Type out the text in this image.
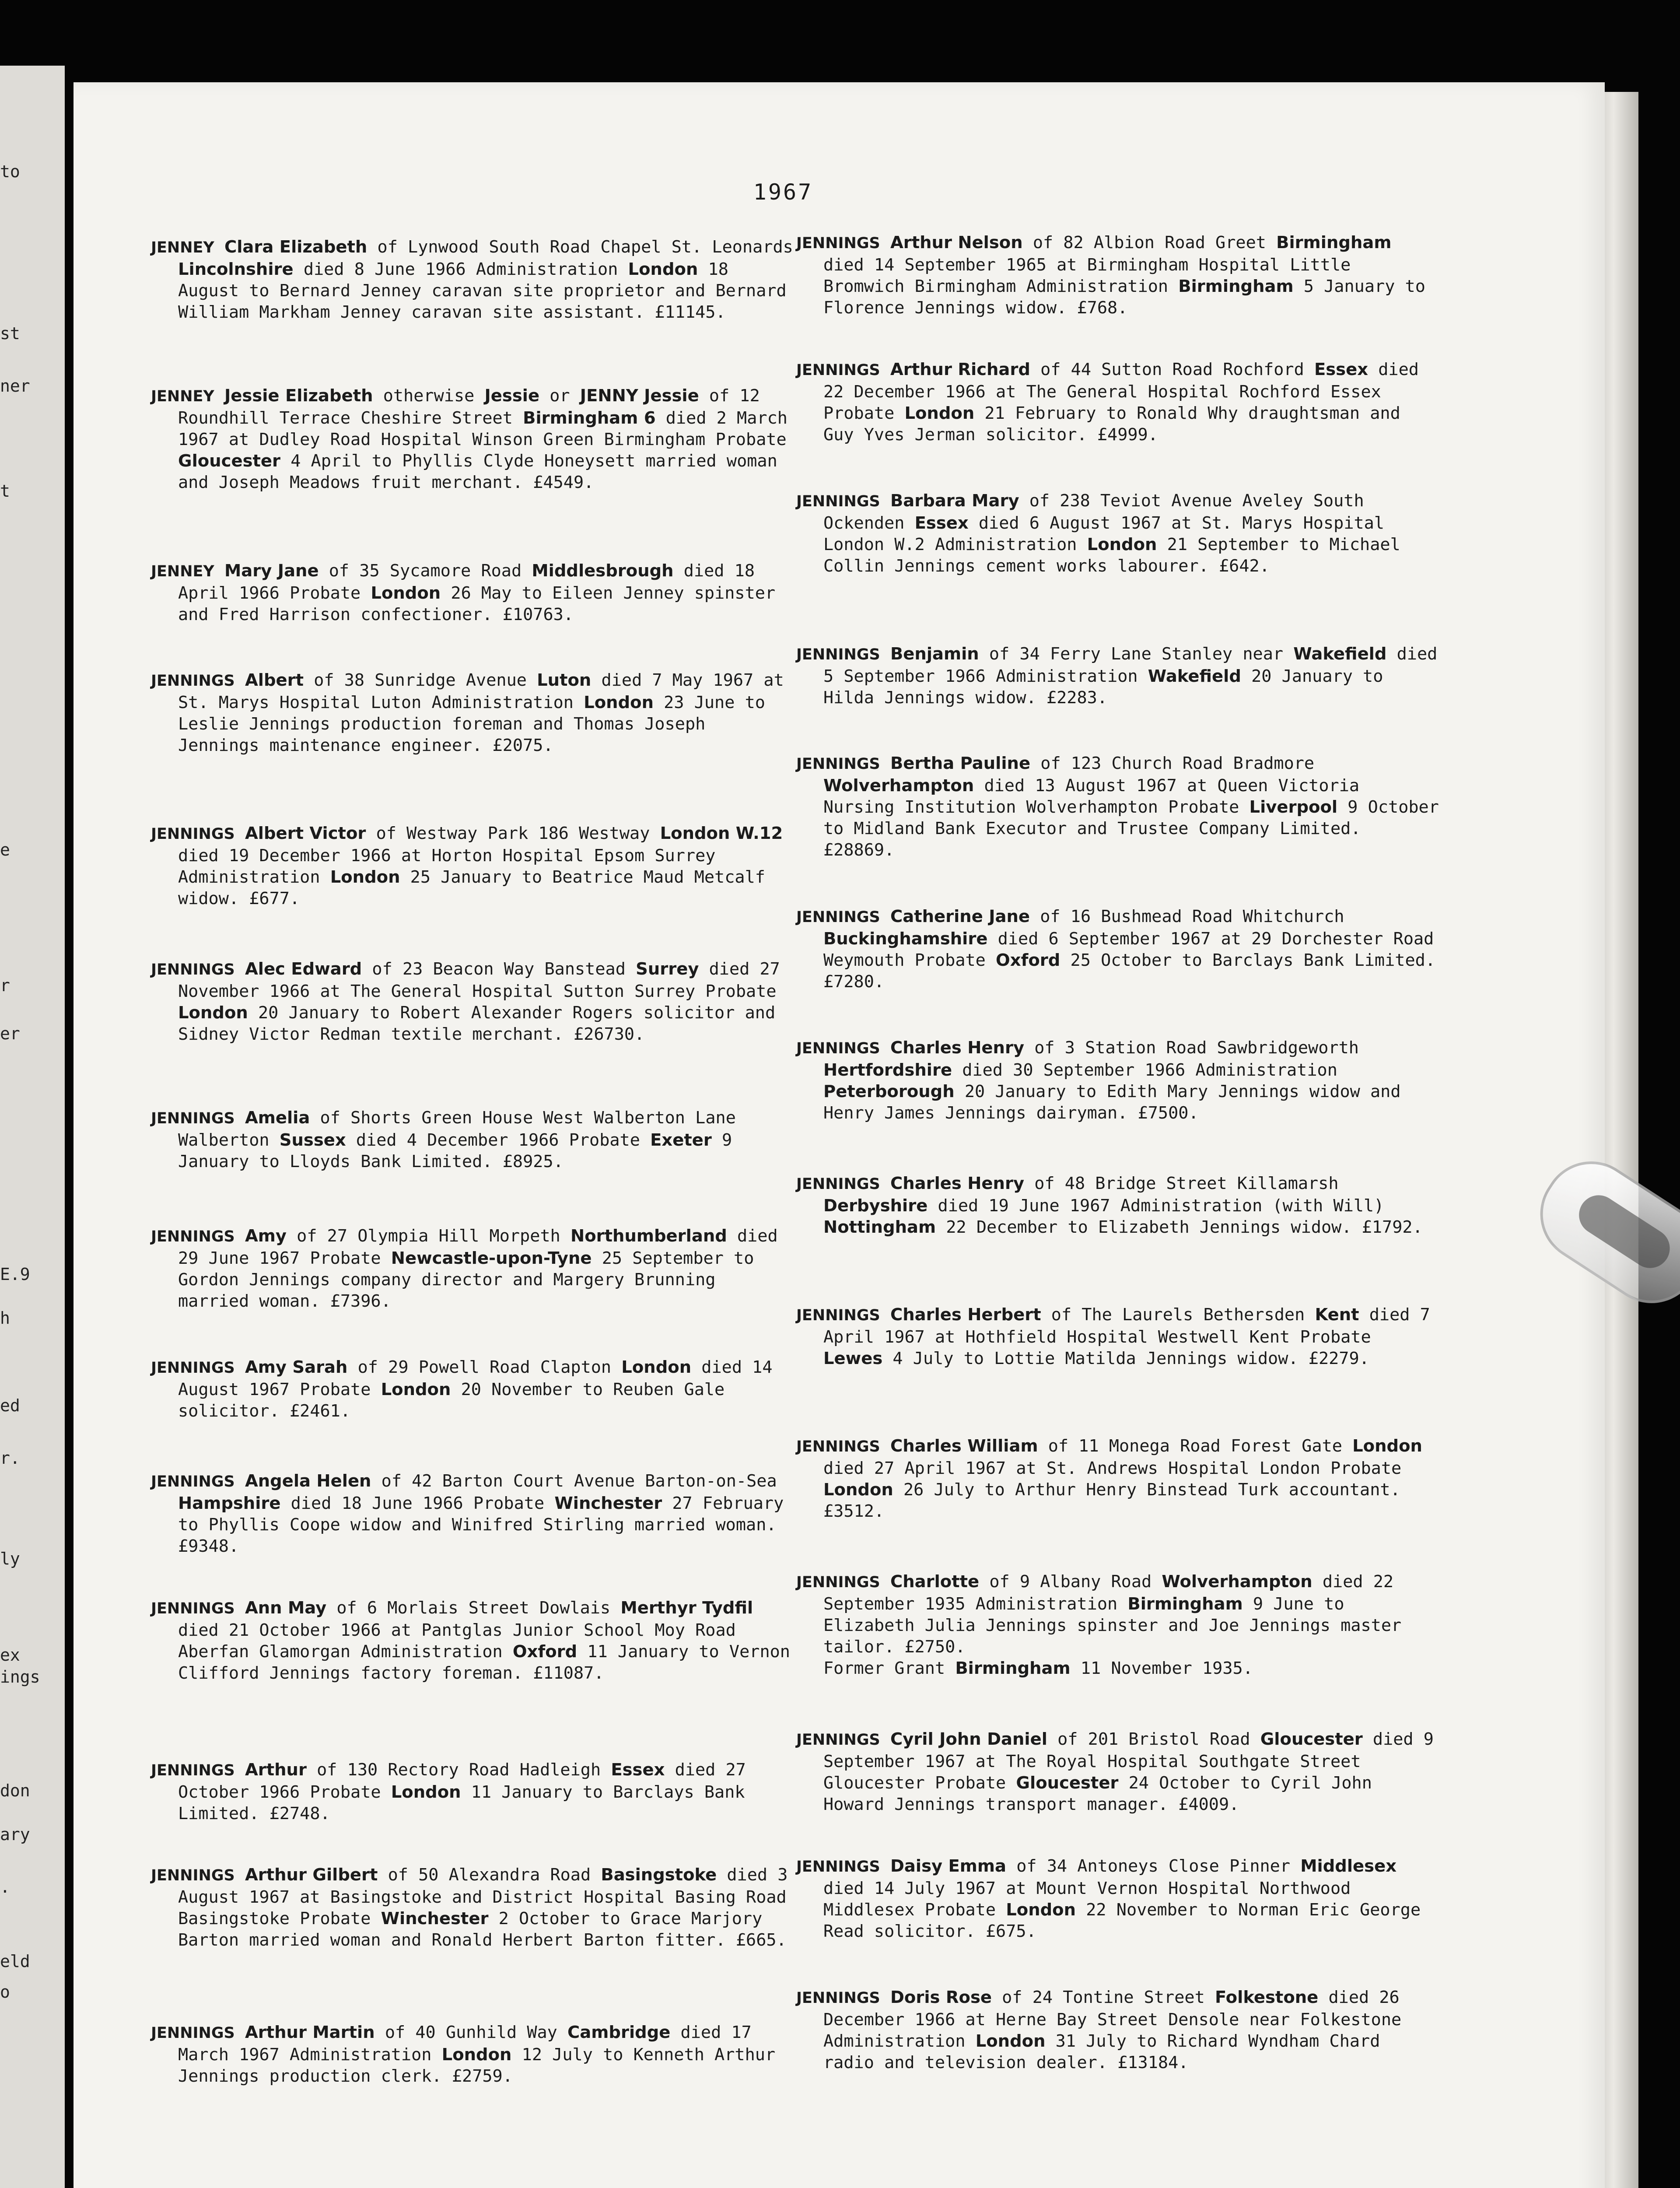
to
st
ner
t
e
r
er
E.9
h
ed
r.
ly
ex
ings
don
ary
.
eld
o
1967
JENNEY Clara Elizabeth of Lynwood South Road Chapel St. Leonards Lincolnshire died 8 June 1966 Administration London 18 August to Bernard Jenney caravan site proprietor and Bernard William Markham Jenney caravan site assistant. £11145.
JENNEY Jessie Elizabeth otherwise Jessie or JENNY Jessie of 12 Roundhill Terrace Cheshire Street Birmingham 6 died 2 March 1967 at Dudley Road Hospital Winson Green Birmingham Probate Gloucester 4 April to Phyllis Clyde Honeysett married woman and Joseph Meadows fruit merchant. £4549.
JENNEY Mary Jane of 35 Sycamore Road Middlesbrough died 18 April 1966 Probate London 26 May to Eileen Jenney spinster and Fred Harrison confectioner. £10763.
JENNINGS Albert of 38 Sunridge Avenue Luton died 7 May 1967 at St. Marys Hospital Luton Administration London 23 June to Leslie Jennings production foreman and Thomas Joseph Jennings maintenance engineer. £2075.
JENNINGS Albert Victor of Westway Park 186 Westway London W.12 died 19 December 1966 at Horton Hospital Epsom Surrey Administration London 25 January to Beatrice Maud Metcalf widow. £677.
JENNINGS Alec Edward of 23 Beacon Way Banstead Surrey died 27 November 1966 at The General Hospital Sutton Surrey Probate London 20 January to Robert Alexander Rogers solicitor and Sidney Victor Redman textile merchant. £26730.
JENNINGS Amelia of Shorts Green House West Walberton Lane Walberton Sussex died 4 December 1966 Probate Exeter 9 January to Lloyds Bank Limited. £8925.
JENNINGS Amy of 27 Olympia Hill Morpeth Northumberland died 29 June 1967 Probate Newcastle-upon-Tyne 25 September to Gordon Jennings company director and Margery Brunning married woman. £7396.
JENNINGS Amy Sarah of 29 Powell Road Clapton London died 14 August 1967 Probate London 20 November to Reuben Gale solicitor. £2461.
JENNINGS Angela Helen of 42 Barton Court Avenue Barton-on-Sea Hampshire died 18 June 1966 Probate Winchester 27 February to Phyllis Coope widow and Winifred Stirling married woman. £9348.
JENNINGS Ann May of 6 Morlais Street Dowlais Merthyr Tydfil died 21 October 1966 at Pantglas Junior School Moy Road Aberfan Glamorgan Administration Oxford 11 January to Vernon Clifford Jennings factory foreman. £11087.
JENNINGS Arthur of 130 Rectory Road Hadleigh Essex died 27 October 1966 Probate London 11 January to Barclays Bank Limited. £2748.
JENNINGS Arthur Gilbert of 50 Alexandra Road Basingstoke died 3 August 1967 at Basingstoke and District Hospital Basing Road Basingstoke Probate Winchester 2 October to Grace Marjory Barton married woman and Ronald Herbert Barton fitter. £665.
JENNINGS Arthur Martin of 40 Gunhild Way Cambridge died 17 March 1967 Administration London 12 July to Kenneth Arthur Jennings production clerk. £2759.
JENNINGS Arthur Nelson of 82 Albion Road Greet Birmingham died 14 September 1965 at Birmingham Hospital Little Bromwich Birmingham Administration Birmingham 5 January to Florence Jennings widow. £768.
JENNINGS Arthur Richard of 44 Sutton Road Rochford Essex died 22 December 1966 at The General Hospital Rochford Essex Probate London 21 February to Ronald Why draughtsman and Guy Yves Jerman solicitor. £4999.
JENNINGS Barbara Mary of 238 Teviot Avenue Aveley South Ockenden Essex died 6 August 1967 at St. Marys Hospital London W.2 Administration London 21 September to Michael Collin Jennings cement works labourer. £642.
JENNINGS Benjamin of 34 Ferry Lane Stanley near Wakefield died 5 September 1966 Administration Wakefield 20 January to Hilda Jennings widow. £2283.
JENNINGS Bertha Pauline of 123 Church Road Bradmore Wolverhampton died 13 August 1967 at Queen Victoria Nursing Institution Wolverhampton Probate Liverpool 9 October to Midland Bank Executor and Trustee Company Limited. £28869.
JENNINGS Catherine Jane of 16 Bushmead Road Whitchurch Buckinghamshire died 6 September 1967 at 29 Dorchester Road Weymouth Probate Oxford 25 October to Barclays Bank Limited. £7280.
JENNINGS Charles Henry of 3 Station Road Sawbridgeworth Hertfordshire died 30 September 1966 Administration Peterborough 20 January to Edith Mary Jennings widow and Henry James Jennings dairyman. £7500.
JENNINGS Charles Henry of 48 Bridge Street Killamarsh Derbyshire died 19 June 1967 Administration (with Will) Nottingham 22 December to Elizabeth Jennings widow. £1792.
JENNINGS Charles Herbert of The Laurels Bethersden Kent died 7 April 1967 at Hothfield Hospital Westwell Kent Probate Lewes 4 July to Lottie Matilda Jennings widow. £2279.
JENNINGS Charles William of 11 Monega Road Forest Gate London died 27 April 1967 at St. Andrews Hospital London Probate London 26 July to Arthur Henry Binstead Turk accountant. £3512.
JENNINGS Charlotte of 9 Albany Road Wolverhampton died 22 September 1935 Administration Birmingham 9 June to Elizabeth Julia Jennings spinster and Joe Jennings master tailor. £2750.
Former Grant Birmingham 11 November 1935.
JENNINGS Cyril John Daniel of 201 Bristol Road Gloucester died 9 September 1967 at The Royal Hospital Southgate Street Gloucester Probate Gloucester 24 October to Cyril John Howard Jennings transport manager. £4009.
JENNINGS Daisy Emma of 34 Antoneys Close Pinner Middlesex died 14 July 1967 at Mount Vernon Hospital Northwood Middlesex Probate London 22 November to Norman Eric George Read solicitor. £675.
JENNINGS Doris Rose of 24 Tontine Street Folkestone died 26 December 1966 at Herne Bay Street Densole near Folkestone Administration London 31 July to Richard Wyndham Chard radio and television dealer. £13184.
